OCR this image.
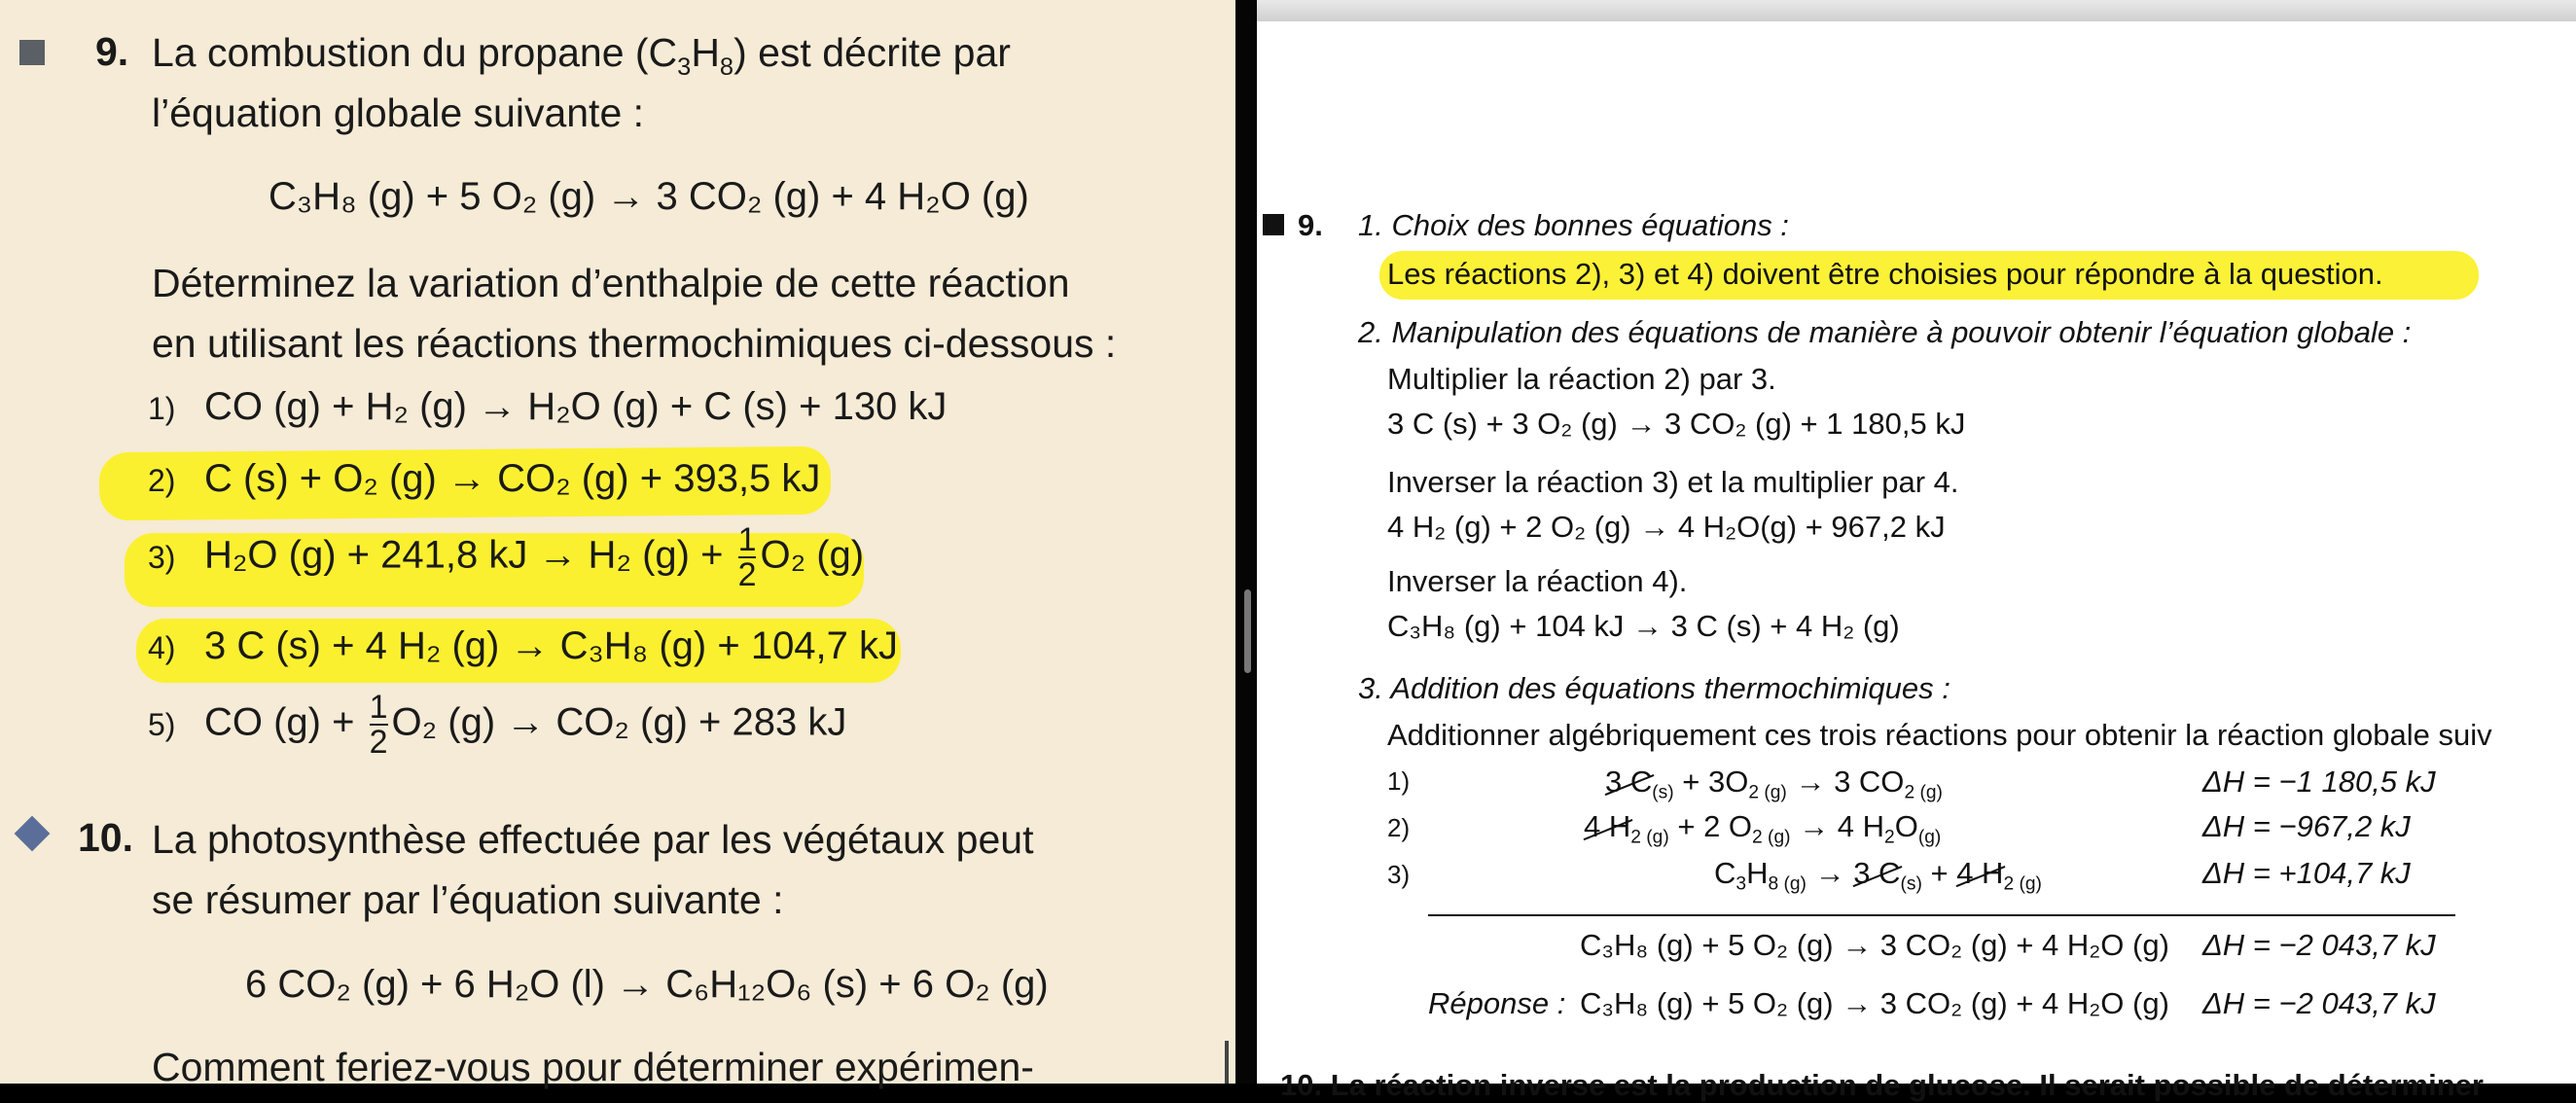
9. La combustion du propane $(C_3H_8)$ est décrite par
l’équation globale suivante :
C₃H₈ (g) + 5 O₂ (g) → 3 CO₂ (g) + 4 H₂O (g)
Déterminez la variation d’enthalpie de cette réaction
en utilisant les réactions thermochimiques ci-dessous :
1) CO (g) + H₂ (g) → H₂O (g) + C (s) + 130 kJ
2) C (s) + O₂ (g) → CO₂ (g) + 393,5 kJ
3) H₂O (g) + 241,8 kJ → H₂ $(g) + \frac{1}{2} O_2$ (g)
4) 3 C (s) + 4 H₂ (g) → C₃H₈ (g) + 104,7 kJ
5) CO $(g) + \frac{1}{2} O_2$ (g) → CO₂ (g) + 283 kJ
10. La photosynthèse effectuée par les végétaux peut
se résumer par l’équation suivante :
6 CO₂ (g) + 6 H₂O (l) → C₆H₁₂O₆ (s) + 6 O₂ (g)
Comment feriez-vous pour déterminer expérimen-
9. 1. Choix des bonnes équations :
Les réactions 2), 3) et 4) doivent être choisies pour répondre à la question.
2. Manipulation des équations de manière à pouvoir obtenir l’équation globale :
Multiplier la réaction 2) par 3.
3 C (s) + 3 O₂ (g) → 3 CO₂ (g) + 1 180,5 kJ
Inverser la réaction 3) et la multiplier par 4.
4 H₂ (g) + 2 O₂ (g) → 4 H₂O(g) + 967,2 kJ
Inverser la réaction 4).
C₃H₈ (g) + 104 kJ → 3 C (s) + 4 H₂ (g)
3. Addition des équations thermochimiques :
Additionner algébriquement ces trois réactions pour obtenir la réaction globale suiv
1)	3 $C_{(s)} + 3O_{2 (g)} \to 3$ $CO_{2 (g)}$	ΔH = −1 180,5 kJ
2)	4 $H_{2 (g)} + 2$ $O_{2 (g)} \to 4$ $H_2O_{(g)}$	ΔH = −967,2 kJ
3)	$C_3H_{8 (g)} \to 3$ $C_{(s)} + 4$ $H_{2 (g)}$	ΔH = +104,7 kJ
C₃H₈ (g) + 5 O₂ (g) → 3 CO₂ (g) + 4 H₂O (g) ΔH = −2 043,7 kJ
Réponse : C₃H₈ (g) + 5 O₂ (g) → 3 CO₂ (g) + 4 H₂O (g) ΔH = −2 043,7 kJ
10. La réaction inverse est la production de glucose. Il serait possible de déterminer
